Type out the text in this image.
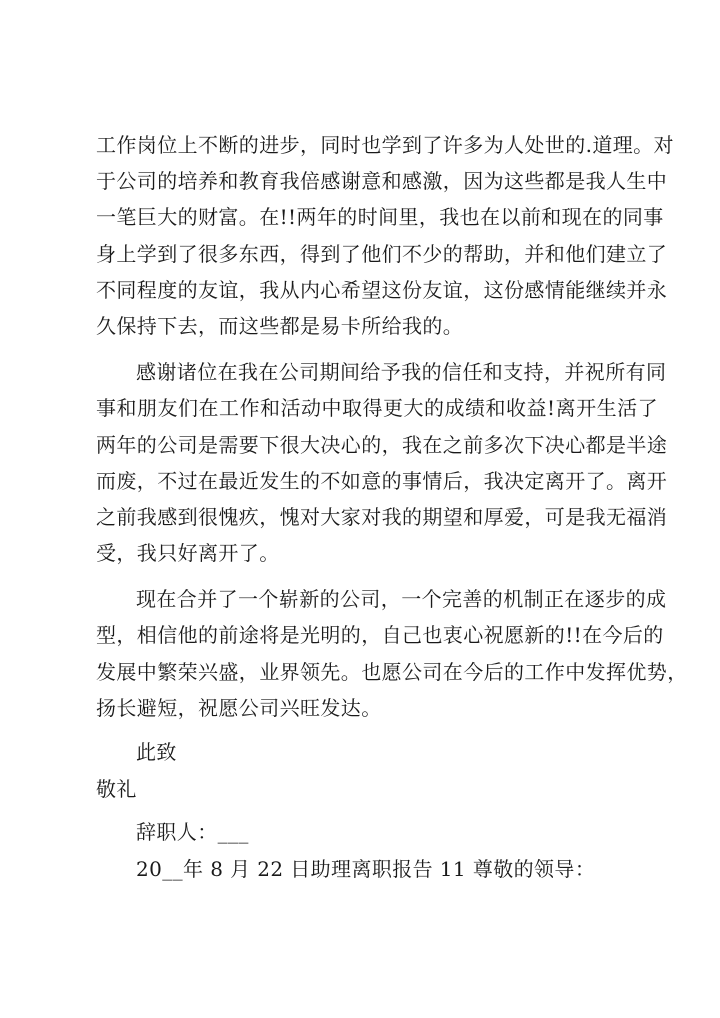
工作岗位上不断的进步，同时也学到了许多为人处世的.道理。对
于公司的培养和教育我倍感谢意和感激，因为这些都是我人生中
一笔巨大的财富。在!!两年的时间里，我也在以前和现在的同事
身上学到了很多东西，得到了他们不少的帮助，并和他们建立了
不同程度的友谊，我从内心希望这份友谊，这份感情能继续并永
久保持下去，而这些都是易卡所给我的。
感谢诸位在我在公司期间给予我的信任和支持，并祝所有同
事和朋友们在工作和活动中取得更大的成绩和收益!离开生活了
两年的公司是需要下很大决心的，我在之前多次下决心都是半途
而废，不过在最近发生的不如意的事情后，我决定离开了。离开
之前我感到很愧疚，愧对大家对我的期望和厚爱，可是我无福消
受，我只好离开了。
现在合并了一个崭新的公司，一个完善的机制正在逐步的成
型，相信他的前途将是光明的，自己也衷心祝愿新的!!在今后的
发展中繁荣兴盛，业界领先。也愿公司在今后的工作中发挥优势，
扬长避短，祝愿公司兴旺发达。
此致
敬礼
辞职人：___
20__年 8 月 22 日助理离职报告 11 尊敬的领导：
